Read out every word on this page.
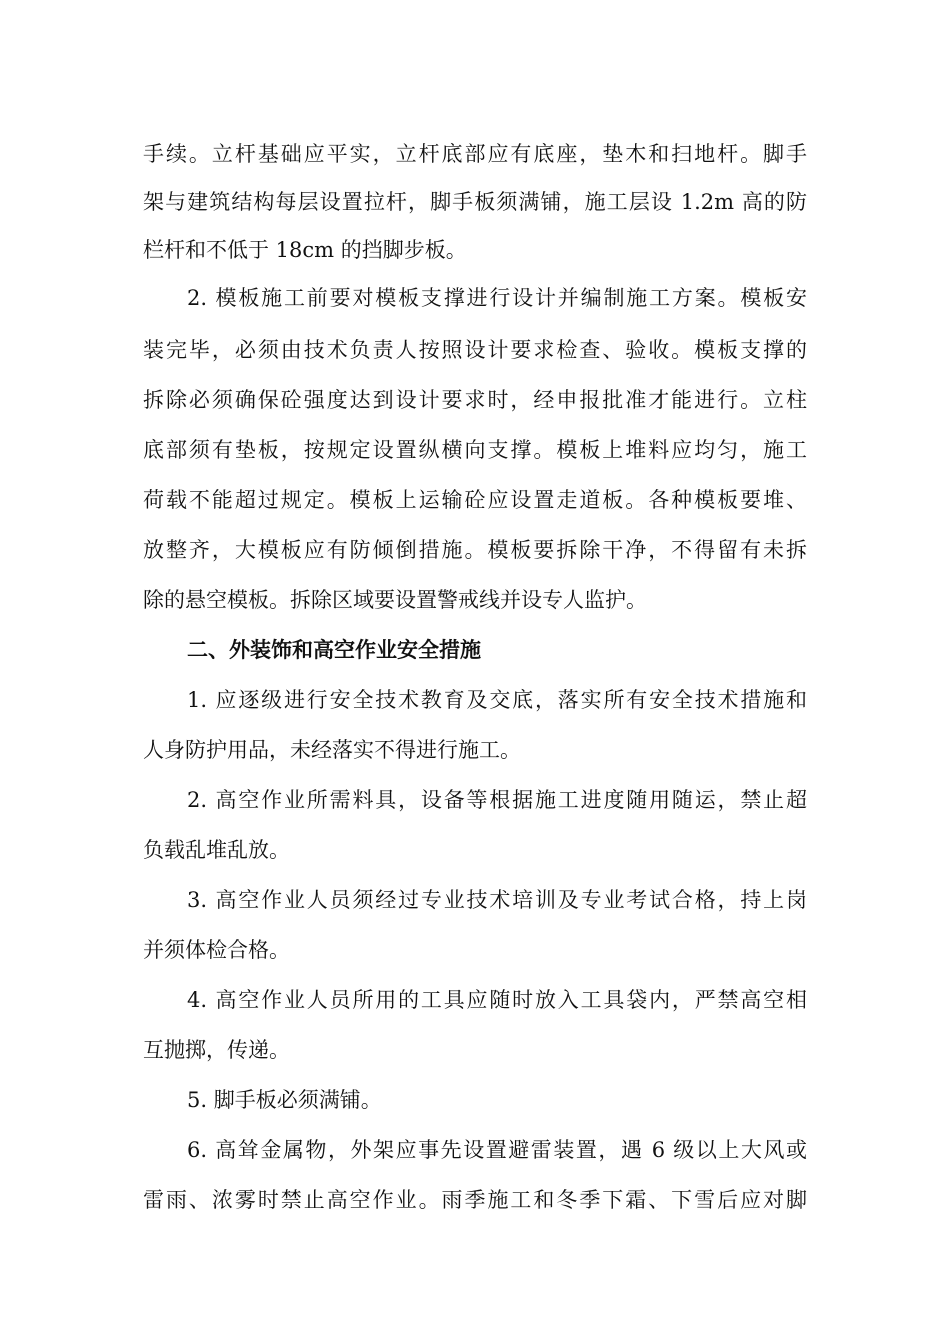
手续。立杆基础应平实，立杆底部应有底座，垫木和扫地杆。脚手
架与建筑结构每层设置拉杆，脚手板须满铺，施工层设 1.2m 高的防
栏杆和不低于 18cm 的挡脚步板。
2. 模板施工前要对模板支撑进行设计并编制施工方案。模板安
装完毕，必须由技术负责人按照设计要求检查、验收。模板支撑的
拆除必须确保砼强度达到设计要求时，经申报批准才能进行。立柱
底部须有垫板，按规定设置纵横向支撑。模板上堆料应均匀，施工
荷载不能超过规定。模板上运输砼应设置走道板。各种模板要堆、
放整齐，大模板应有防倾倒措施。模板要拆除干净，不得留有未拆
除的悬空模板。拆除区域要设置警戒线并设专人监护。
二、外装饰和高空作业安全措施
1. 应逐级进行安全技术教育及交底，落实所有安全技术措施和
人身防护用品，未经落实不得进行施工。
2. 高空作业所需料具，设备等根据施工进度随用随运，禁止超
负载乱堆乱放。
3. 高空作业人员须经过专业技术培训及专业考试合格，持上岗
并须体检合格。
4. 高空作业人员所用的工具应随时放入工具袋内，严禁高空相
互抛掷，传递。
5. 脚手板必须满铺。
6. 高耸金属物，外架应事先设置避雷装置，遇 6 级以上大风或
雷雨、浓雾时禁止高空作业。雨季施工和冬季下霜、下雪后应对脚
